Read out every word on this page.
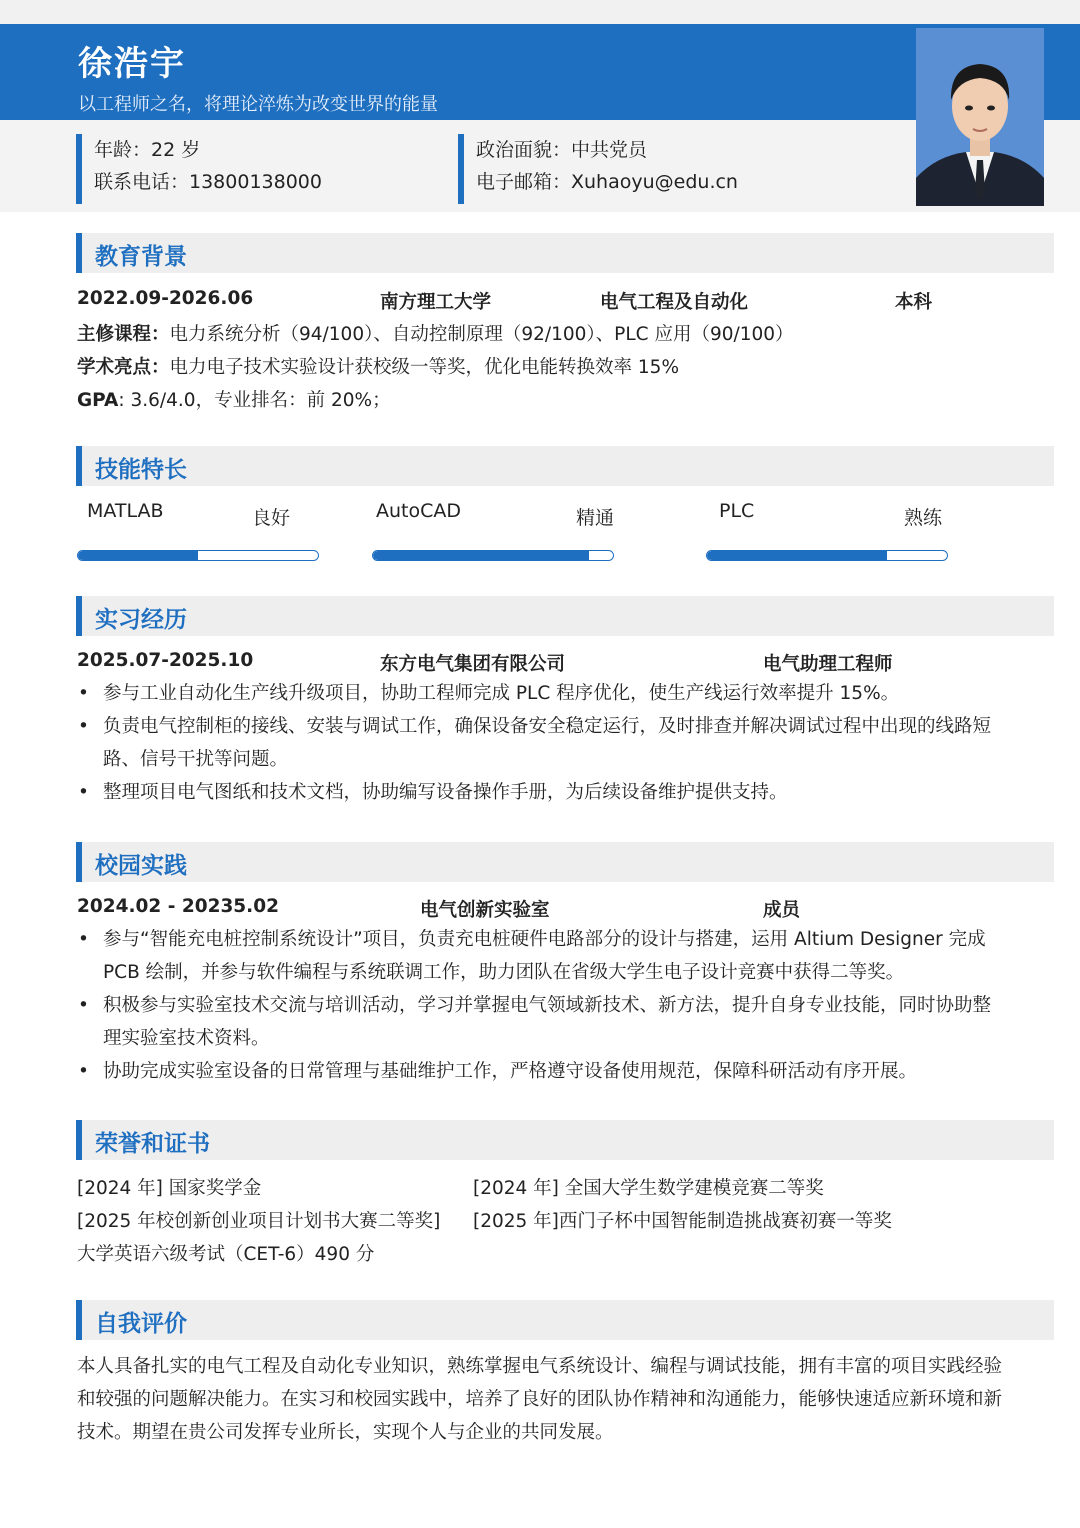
徐浩宇
以工程师之名，将理论淬炼为改变世界的能量
年龄：22 岁
联系电话：13800138000
政治面貌：中共党员
电子邮箱：Xuhaoyu@edu.cn
教育背景
2022.09-2026.06	南方理工大学	电气工程及自动化	本科
主修课程：电力系统分析（94/100）、自动控制原理（92/100）、PLC 应用（90/100）
学术亮点：电力电子技术实验设计获校级一等奖，优化电能转换效率 15%
GPA: 3.6/4.0，专业排名：前 20%；
技能特长
MATLAB	良好	AutoCAD	精通	PLC	熟练
实习经历
2025.07-2025.10	东方电气集团有限公司	电气助理工程师
• 参与工业自动化生产线升级项目，协助工程师完成 PLC 程序优化，使生产线运行效率提升 15%。
• 负责电气控制柜的接线、安装与调试工作，确保设备安全稳定运行，及时排查并解决调试过程中出现的线路短路、信号干扰等问题。
• 整理项目电气图纸和技术文档，协助编写设备操作手册，为后续设备维护提供支持。
校园实践
2024.02 - 20235.02	电气创新实验室	成员
• 参与“智能充电桩控制系统设计”项目，负责充电桩硬件电路部分的设计与搭建，运用 Altium Designer 完成 PCB 绘制，并参与软件编程与系统联调工作，助力团队在省级大学生电子设计竞赛中获得二等奖。
• 积极参与实验室技术交流与培训活动，学习并掌握电气领域新技术、新方法，提升自身专业技能，同时协助整理实验室技术资料。
• 协助完成实验室设备的日常管理与基础维护工作，严格遵守设备使用规范，保障科研活动有序开展。
荣誉和证书
[2024 年] 国家奖学金	[2024 年] 全国大学生数学建模竞赛二等奖
[2025 年校创新创业项目计划书大赛二等奖] [2025 年]西门子杯中国智能制造挑战赛初赛一等奖
大学英语六级考试（CET-6）490 分
自我评价
本人具备扎实的电气工程及自动化专业知识，熟练掌握电气系统设计、编程与调试技能，拥有丰富的项目实践经验和较强的问题解决能力。在实习和校园实践中，培养了良好的团队协作精神和沟通能力，能够快速适应新环境和新技术。期望在贵公司发挥专业所长，实现个人与企业的共同发展。
